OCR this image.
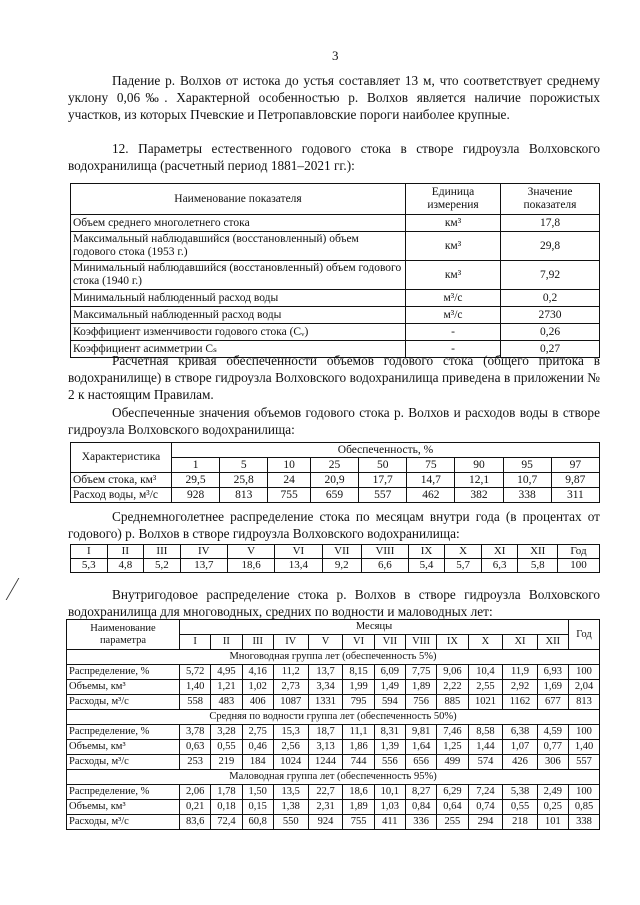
3

Падение р. Волхов от истока до устья составляет 13 м, что соответствует среднему уклону 0,06‰. Характерной особенностью р. Волхов является наличие порожистых участков, из которых Пчевские и Петропавловские пороги наиболее крупные.

12. Параметры естественного годового стока в створе гидроузла Волховского водохранилища (расчетный период 1881–2021 гг.):

Наименование показателя	Единица измерения	Значение показателя
Объем среднего многолетнего стока	км³	17,8
Максимальный наблюдавшийся (восстановленный) объем годового стока (1953 г.)	км³	29,8
Минимальный наблюдавшийся (восстановленный) объем годового стока (1940 г.)	км³	7,92
Минимальный наблюденный расход воды	м³/с	0,2
Максимальный наблюденный расход воды	м³/с	2730
Коэффициент изменчивости годового стока (Cᵥ)	-	0,26
Коэффициент асимметрии Cₛ	-	0,27

Расчетная кривая обеспеченности объемов годового стока (общего притока в водохранилище) в створе гидроузла Волховского водохранилища приведена в приложении № 2 к настоящим Правилам.

Обеспеченные значения объемов годового стока р. Волхов и расходов воды в створе гидроузла Волховского водохранилища:

Характеристика	Обеспеченность, %								
	1	5	10	25	50	75	90	95	97
Объем стока, км³	29,5	25,8	24	20,9	17,7	14,7	12,1	10,7	9,87
Расход воды, м³/с	928	813	755	659	557	462	382	338	311

Среднемноголетнее распределение стока по месяцам внутри года (в процентах от годового) р. Волхов в створе гидроузла Волховского водохранилища:

I	II	III	IV	V	VI	VII	VIII	IX	X	XI	XII	Год
5,3	4,8	5,2	13,7	18,6	13,4	9,2	6,6	5,4	5,7	6,3	5,8	100

Внутригодовое распределение стока р. Волхов в створе гидроузла Волховского водохранилища для многоводных, средних по водности и маловодных лет:

Наименование параметра	Месяцы												Год
	I	II	III	IV	V	VI	VII	VIII	IX	X	XI	XII	
Многоводная группа лет (обеспеченность 5%)													
Распределение, %	5,72	4,95	4,16	11,2	13,7	8,15	6,09	7,75	9,06	10,4	11,9	6,93	100
Объемы, км³	1,40	1,21	1,02	2,73	3,34	1,99	1,49	1,89	2,22	2,55	2,92	1,69	2,04
Расходы, м³/с	558	483	406	1087	1331	795	594	756	885	1021	1162	677	813
Средняя по водности группа лет (обеспеченность 50%)													
Распределение, %	3,78	3,28	2,75	15,3	18,7	11,1	8,31	9,81	7,46	8,58	6,38	4,59	100
Объемы, км³	0,63	0,55	0,46	2,56	3,13	1,86	1,39	1,64	1,25	1,44	1,07	0,77	1,40
Расходы, м³/с	253	219	184	1024	1244	744	556	656	499	574	426	306	557
Маловодная группа лет (обеспеченность 95%)													
Распределение, %	2,06	1,78	1,50	13,5	22,7	18,6	10,1	8,27	6,29	7,24	5,38	2,49	100
Объемы, км³	0,21	0,18	0,15	1,38	2,31	1,89	1,03	0,84	0,64	0,74	0,55	0,25	0,85
Расходы, м³/с	83,6	72,4	60,8	550	924	755	411	336	255	294	218	101	338
